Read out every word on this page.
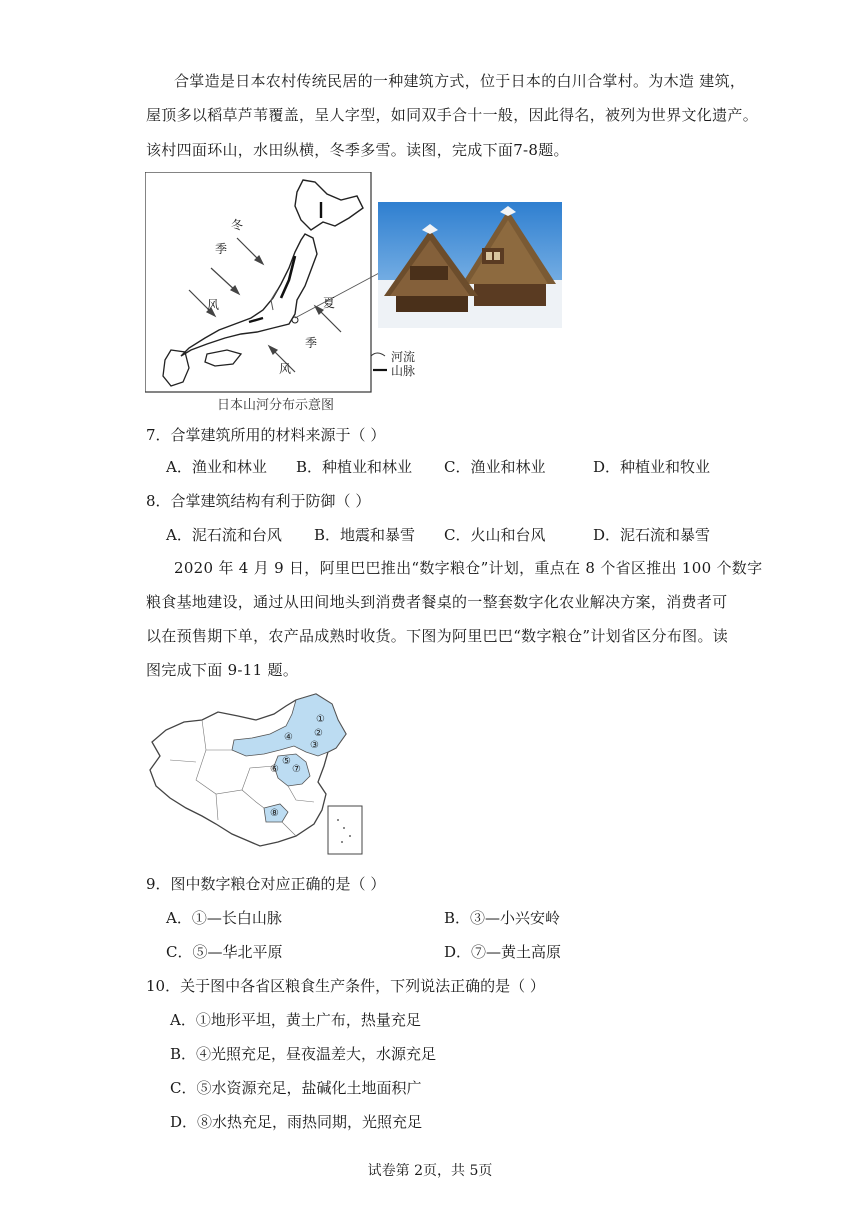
合掌造是日本农村传统民居的一种建筑方式，位于日本的白川合掌村。为木造 建筑，
屋顶多以稻草芦苇覆盖，呈人字型，如同双手合十一般，因此得名，被列为世界文化遗产。
该村四面环山，水田纵横，冬季多雪。读图，完成下面7-8题。
冬
季
风	夏
季
风
河流
山脉
日本山河分布示意图
7．合掌建筑所用的材料来源于（ ）
A．渔业和林业 B．种植业和林业 C．渔业和林业	D．种植业和牧业
8．合掌建筑结构有利于防御（ ）
A．泥石流和台风 B．地震和暴雪 C．火山和台风	D．泥石流和暴雪
2020 年 4 月 9 日，阿里巴巴推出“数字粮仓”计划，重点在 8 个省区推出 100 个数字
粮食基地建设，通过从田间地头到消费者餐桌的一整套数字化农业解决方案，消费者可
以在预售期下单，农产品成熟时收货。下图为阿里巴巴“数字粮仓”计划省区分布图。读
图完成下面 9-11 题。
①
②
③
④
⑤
⑥ ⑦
⑧
9．图中数字粮仓对应正确的是（ ）
A．①—长白山脉	B．③—小兴安岭
C．⑤—华北平原	D．⑦—黄土高原
10．关于图中各省区粮食生产条件，下列说法正确的是（ ）
A．①地形平坦，黄土广布，热量充足
B．④光照充足，昼夜温差大，水源充足
C．⑤水资源充足，盐碱化土地面积广
D．⑧水热充足，雨热同期，光照充足
试卷第 2页，共 5页
